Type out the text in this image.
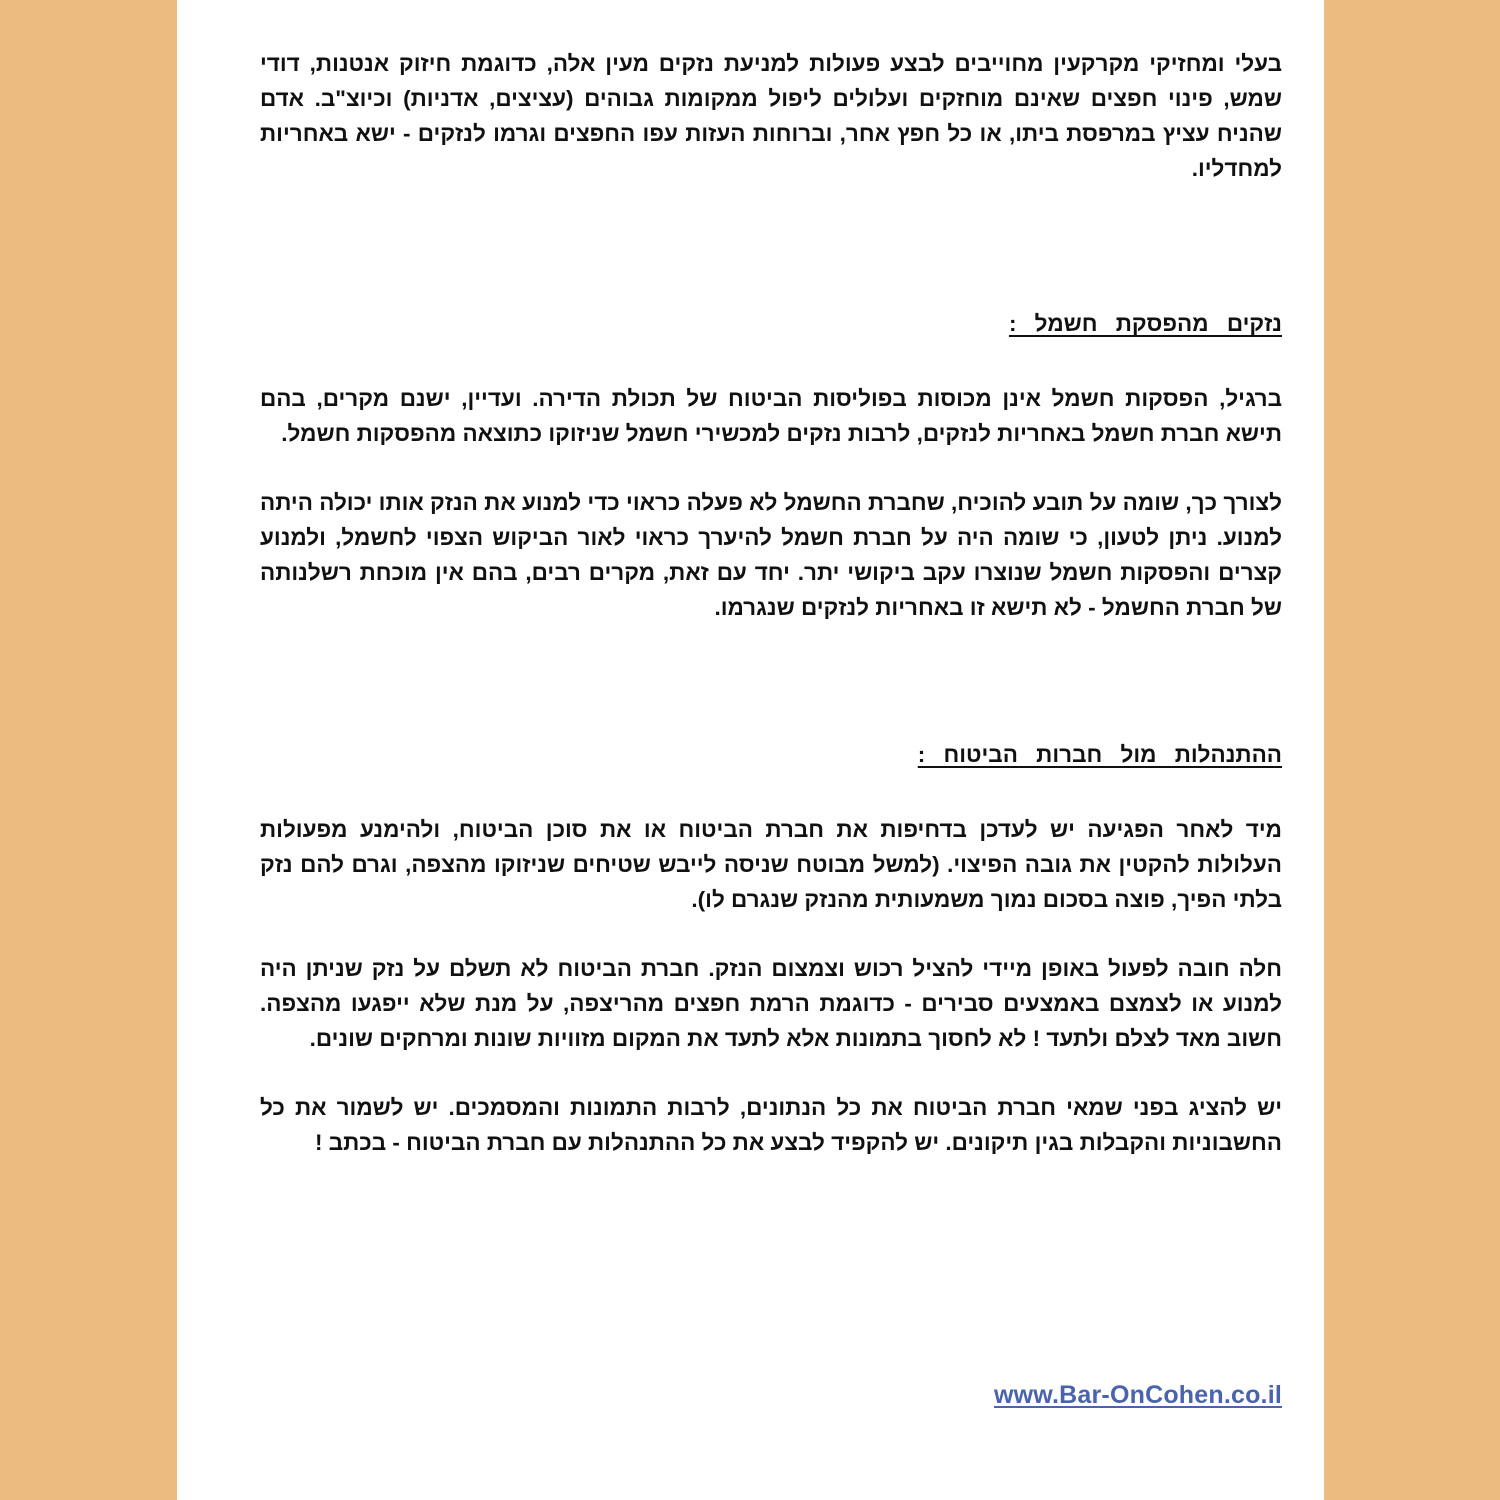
בעלי ומחזיקי מקרקעין מחוייבים לבצע פעולות למניעת נזקים מעין אלה, כדוגמת חיזוק אנטנות, דודי שמש, פינוי חפצים שאינם מוחזקים ועלולים ליפול ממקומות גבוהים (עציצים, אדניות) וכיוצ"ב. אדם שהניח עציץ במרפסת ביתו, או כל חפץ אחר, וברוחות העזות עפו החפצים וגרמו לנזקים - ישא באחריות למחדליו.

נזקים מהפסקת חשמל :

ברגיל, הפסקות חשמל אינן מכוסות בפוליסות הביטוח של תכולת הדירה. ועדיין, ישנם מקרים, בהם תישא חברת חשמל באחריות לנזקים, לרבות נזקים למכשירי חשמל שניזוקו כתוצאה מהפסקות חשמל.

לצורך כך, שומה על תובע להוכיח, שחברת החשמל לא פעלה כראוי כדי למנוע את הנזק אותו יכולה היתה למנוע. ניתן לטעון, כי שומה היה על חברת חשמל להיערך כראוי לאור הביקוש הצפוי לחשמל, ולמנוע קצרים והפסקות חשמל שנוצרו עקב ביקושי יתר. יחד עם זאת, מקרים רבים, בהם אין מוכחת רשלנותה של חברת החשמל - לא תישא זו באחריות לנזקים שנגרמו.

ההתנהלות מול חברות הביטוח :

מיד לאחר הפגיעה יש לעדכן בדחיפות את חברת הביטוח או את סוכן הביטוח, ולהימנע מפעולות העלולות להקטין את גובה הפיצוי. (למשל מבוטח שניסה לייבש שטיחים שניזוקו מהצפה, וגרם להם נזק בלתי הפיך, פוצה בסכום נמוך משמעותית מהנזק שנגרם לו).

חלה חובה לפעול באופן מיידי להציל רכוש וצמצום הנזק. חברת הביטוח לא תשלם על נזק שניתן היה למנוע או לצמצם באמצעים סבירים - כדוגמת הרמת חפצים מהריצפה, על מנת שלא ייפגעו מהצפה. חשוב מאד לצלם ולתעד ! לא לחסוך בתמונות אלא לתעד את המקום מזוויות שונות ומרחקים שונים.

יש להציג בפני שמאי חברת הביטוח את כל הנתונים, לרבות התמונות והמסמכים. יש לשמור את כל החשבוניות והקבלות בגין תיקונים. יש להקפיד לבצע את כל ההתנהלות עם חברת הביטוח - בכתב !

www.Bar-OnCohen.co.il
